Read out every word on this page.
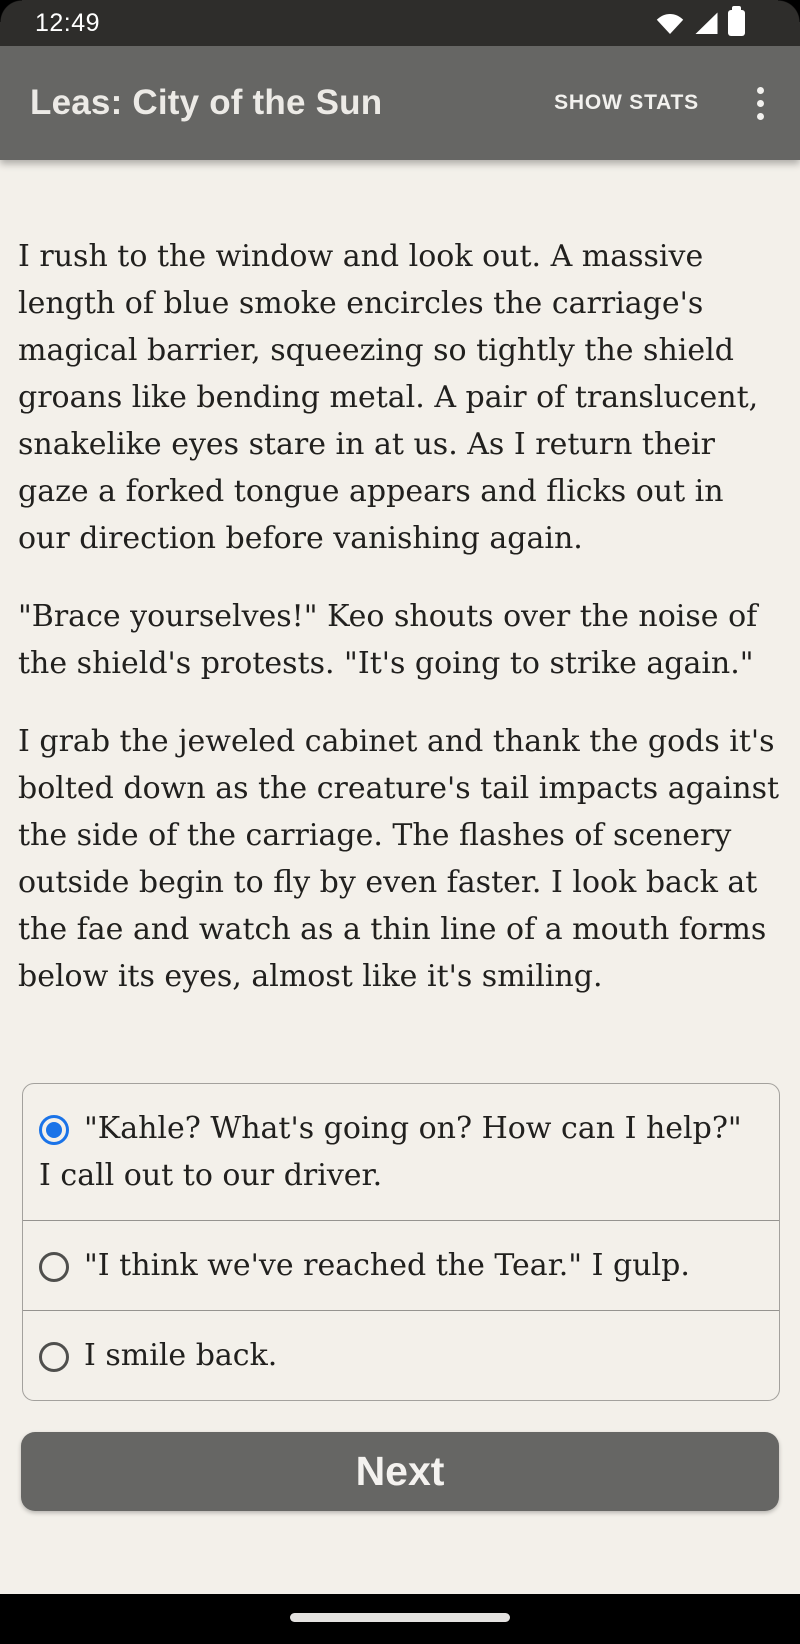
12:49
Leas: City of the Sun	SHOW STATS

I rush to the window and look out. A massive length of blue smoke encircles the carriage's magical barrier, squeezing so tightly the shield groans like bending metal. A pair of translucent, snakelike eyes stare in at us. As I return their gaze a forked tongue appears and flicks out in our direction before vanishing again.

"Brace yourselves!" Keo shouts over the noise of the shield's protests. "It's going to strike again."

I grab the jeweled cabinet and thank the gods it's bolted down as the creature's tail impacts against the side of the carriage. The flashes of scenery outside begin to fly by even faster. I look back at the fae and watch as a thin line of a mouth forms below its eyes, almost like it's smiling.

"Kahle? What's going on? How can I help?" I call out to our driver.
"I think we've reached the Tear." I gulp.
I smile back.
Next
